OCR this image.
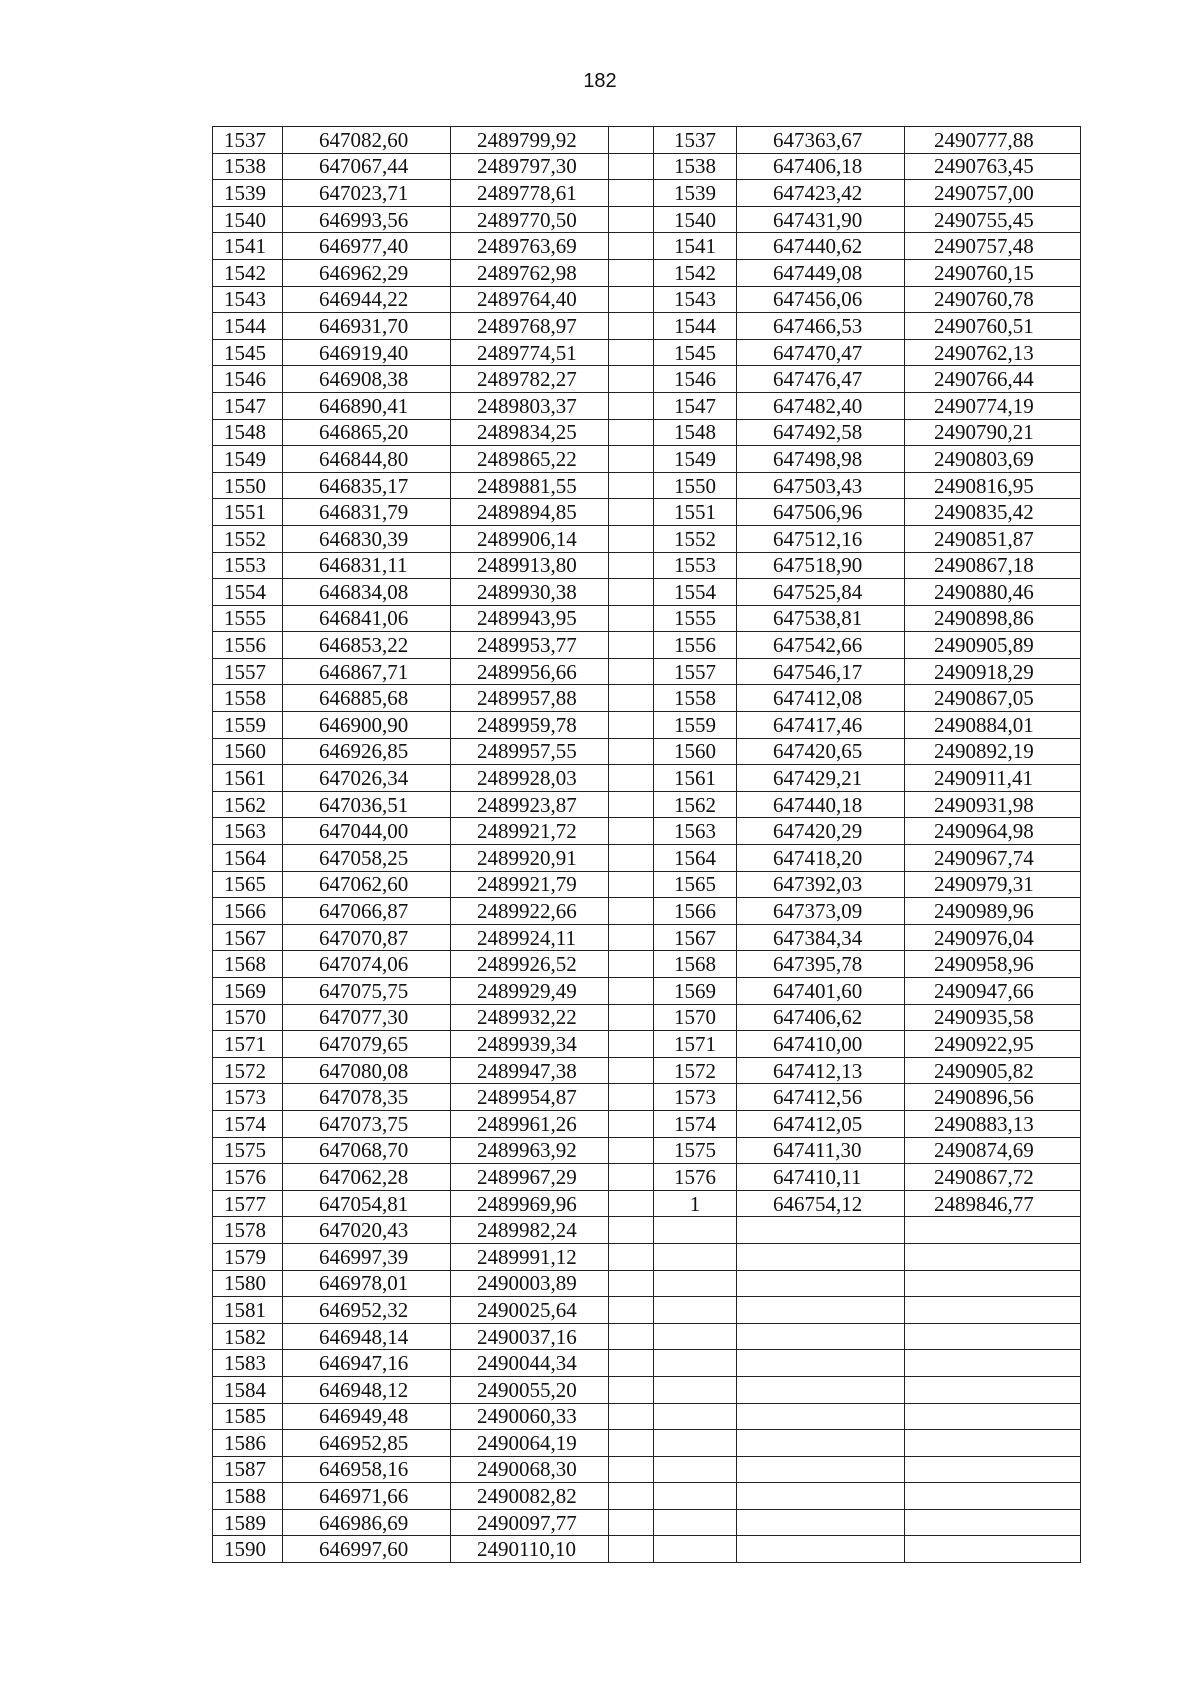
182
1537	647082,60	2489799,92		1537	647363,67	2490777,88
1538	647067,44	2489797,30		1538	647406,18	2490763,45
1539	647023,71	2489778,61		1539	647423,42	2490757,00
1540	646993,56	2489770,50		1540	647431,90	2490755,45
1541	646977,40	2489763,69		1541	647440,62	2490757,48
1542	646962,29	2489762,98		1542	647449,08	2490760,15
1543	646944,22	2489764,40		1543	647456,06	2490760,78
1544	646931,70	2489768,97		1544	647466,53	2490760,51
1545	646919,40	2489774,51		1545	647470,47	2490762,13
1546	646908,38	2489782,27		1546	647476,47	2490766,44
1547	646890,41	2489803,37		1547	647482,40	2490774,19
1548	646865,20	2489834,25		1548	647492,58	2490790,21
1549	646844,80	2489865,22		1549	647498,98	2490803,69
1550	646835,17	2489881,55		1550	647503,43	2490816,95
1551	646831,79	2489894,85		1551	647506,96	2490835,42
1552	646830,39	2489906,14		1552	647512,16	2490851,87
1553	646831,11	2489913,80		1553	647518,90	2490867,18
1554	646834,08	2489930,38		1554	647525,84	2490880,46
1555	646841,06	2489943,95		1555	647538,81	2490898,86
1556	646853,22	2489953,77		1556	647542,66	2490905,89
1557	646867,71	2489956,66		1557	647546,17	2490918,29
1558	646885,68	2489957,88		1558	647412,08	2490867,05
1559	646900,90	2489959,78		1559	647417,46	2490884,01
1560	646926,85	2489957,55		1560	647420,65	2490892,19
1561	647026,34	2489928,03		1561	647429,21	2490911,41
1562	647036,51	2489923,87		1562	647440,18	2490931,98
1563	647044,00	2489921,72		1563	647420,29	2490964,98
1564	647058,25	2489920,91		1564	647418,20	2490967,74
1565	647062,60	2489921,79		1565	647392,03	2490979,31
1566	647066,87	2489922,66		1566	647373,09	2490989,96
1567	647070,87	2489924,11		1567	647384,34	2490976,04
1568	647074,06	2489926,52		1568	647395,78	2490958,96
1569	647075,75	2489929,49		1569	647401,60	2490947,66
1570	647077,30	2489932,22		1570	647406,62	2490935,58
1571	647079,65	2489939,34		1571	647410,00	2490922,95
1572	647080,08	2489947,38		1572	647412,13	2490905,82
1573	647078,35	2489954,87		1573	647412,56	2490896,56
1574	647073,75	2489961,26		1574	647412,05	2490883,13
1575	647068,70	2489963,92		1575	647411,30	2490874,69
1576	647062,28	2489967,29		1576	647410,11	2490867,72
1577	647054,81	2489969,96		1	646754,12	2489846,77
1578	647020,43	2489982,24				
1579	646997,39	2489991,12				
1580	646978,01	2490003,89				
1581	646952,32	2490025,64				
1582	646948,14	2490037,16				
1583	646947,16	2490044,34				
1584	646948,12	2490055,20				
1585	646949,48	2490060,33				
1586	646952,85	2490064,19				
1587	646958,16	2490068,30				
1588	646971,66	2490082,82				
1589	646986,69	2490097,77				
1590	646997,60	2490110,10				
